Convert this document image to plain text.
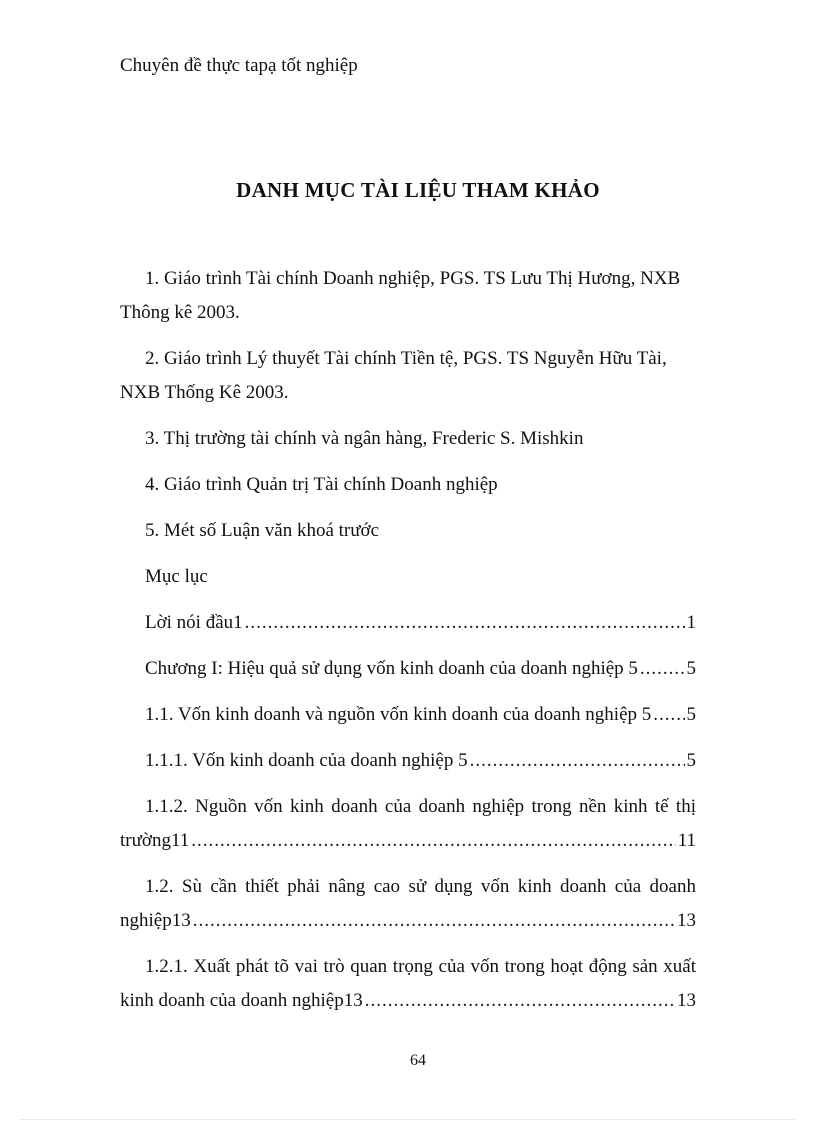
Chuyên đề thực tapạ tốt nghiệp
DANH MỤC TÀI LIỆU THAM KHẢO
1. Giáo trình Tài chính Doanh nghiệp, PGS. TS Lưu Thị Hương, NXB
Thông kê 2003.
2. Giáo trình Lý thuyết Tài chính Tiền tệ, PGS. TS Nguyễn Hữu Tài,
NXB Thống Kê 2003.
3. Thị trường tài chính và ngân hàng, Frederic S. Mishkin
4. Giáo trình Quản trị Tài chính Doanh nghiệp
5. Mét số Luận văn khoá trước
Mục lục
Lời nói đầu1 .....	1
Chương I: Hiệu quả sử dụng vốn kinh doanh của doanh nghiệp 5 .....	5
1.1. Vốn kinh doanh và nguồn vốn kinh doanh của doanh nghiệp 5 ..... 5
1.1.1. Vốn kinh doanh của doanh nghiệp 5 .....	5
1.1.2. Nguồn vốn kinh doanh của doanh nghiệp trong nền kinh tế thị
trường11 .....	11
1.2. Sù cần thiết phải nâng cao sử dụng vốn kinh doanh của doanh
nghiệp13 .....	13
1.2.1. Xuất phát tõ vai trò quan trọng của vốn trong hoạt động sản xuất
kinh doanh của doanh nghiệp13 .....	13
64
